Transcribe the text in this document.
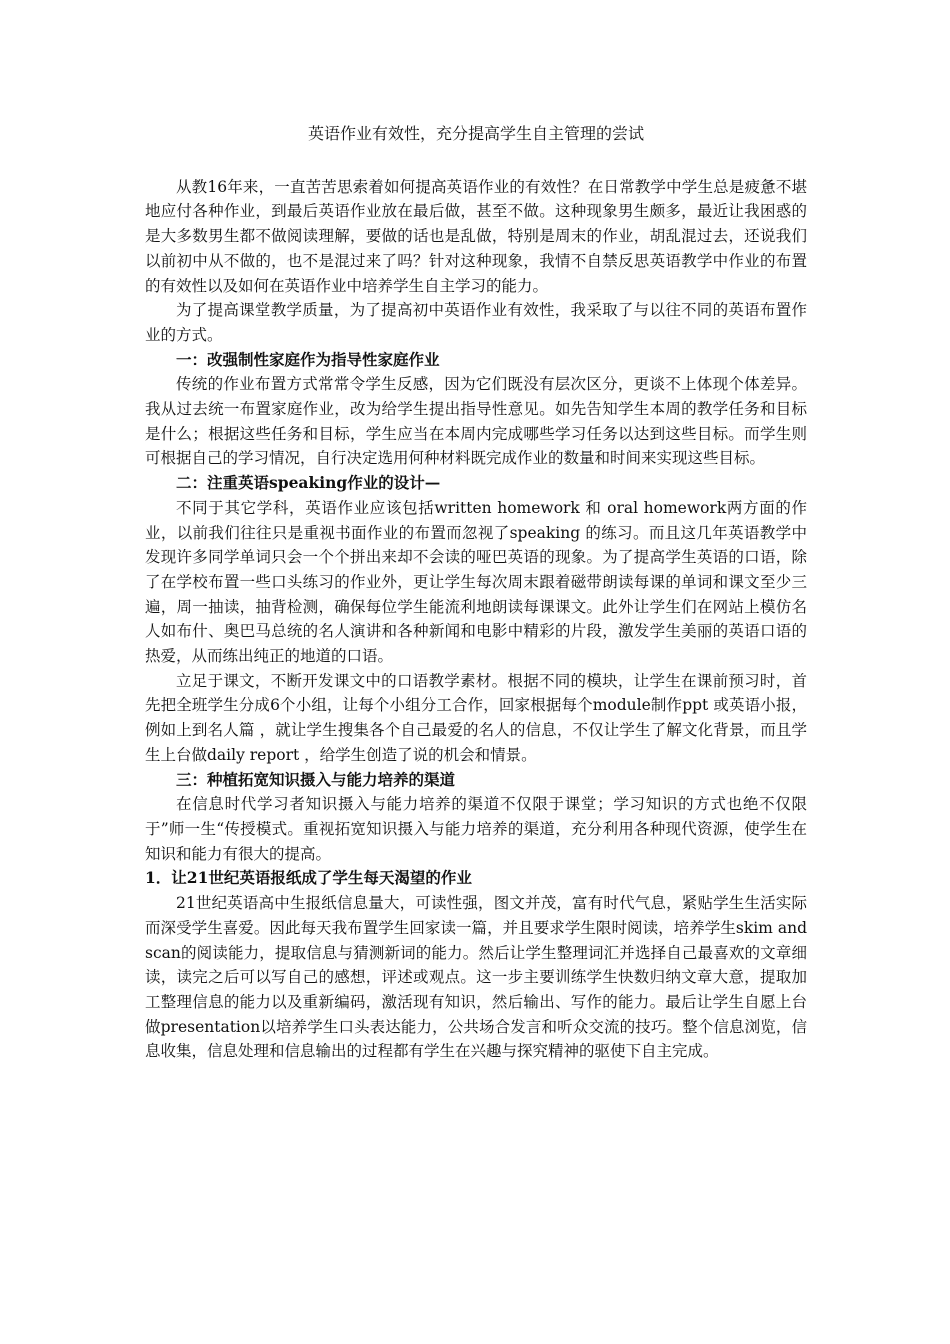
英语作业有效性，充分提高学生自主管理的尝试

从教16年来，一直苦苦思索着如何提高英语作业的有效性？在日常教学中学生总是疲惫不堪地应付各种作业，到最后英语作业放在最后做，甚至不做。这种现象男生颇多，最近让我困惑的是大多数男生都不做阅读理解，要做的话也是乱做，特别是周末的作业，胡乱混过去，还说我们以前初中从不做的，也不是混过来了吗？针对这种现象，我情不自禁反思英语教学中作业的布置的有效性以及如何在英语作业中培养学生自主学习的能力。

为了提高课堂教学质量，为了提高初中英语作业有效性，我采取了与以往不同的英语布置作业的方式。

一：改强制性家庭作为指导性家庭作业

传统的作业布置方式常常令学生反感，因为它们既没有层次区分，更谈不上体现个体差异。我从过去统一布置家庭作业，改为给学生提出指导性意见。如先告知学生本周的教学任务和目标是什么；根据这些任务和目标，学生应当在本周内完成哪些学习任务以达到这些目标。而学生则可根据自己的学习情况，自行决定选用何种材料既完成作业的数量和时间来实现这些目标。

二：注重英语speaking作业的设计—

不同于其它学科，英语作业应该包括written homework 和 oral homework两方面的作业，以前我们往往只是重视书面作业的布置而忽视了speaking 的练习。而且这几年英语教学中发现许多同学单词只会一个个拼出来却不会读的哑巴英语的现象。为了提高学生英语的口语，除了在学校布置一些口头练习的作业外，更让学生每次周末跟着磁带朗读每课的单词和课文至少三遍，周一抽读，抽背检测，确保每位学生能流利地朗读每课课文。此外让学生们在网站上模仿名人如布什、奥巴马总统的名人演讲和各种新闻和电影中精彩的片段，激发学生美丽的英语口语的热爱，从而练出纯正的地道的口语。

立足于课文，不断开发课文中的口语教学素材。根据不同的模块，让学生在课前预习时，首先把全班学生分成6个小组，让每个小组分工合作，回家根据每个module制作ppt 或英语小报，例如上到名人篇 ，就让学生搜集各个自己最爱的名人的信息，不仅让学生了解文化背景，而且学生上台做daily report ，给学生创造了说的机会和情景。

三：种植拓宽知识摄入与能力培养的渠道

在信息时代学习者知识摄入与能力培养的渠道不仅限于课堂；学习知识的方式也绝不仅限于”师一生“传授模式。重视拓宽知识摄入与能力培养的渠道，充分利用各种现代资源，使学生在知识和能力有很大的提高。

1．让21世纪英语报纸成了学生每天渴望的作业

21世纪英语高中生报纸信息量大，可读性强，图文并茂，富有时代气息，紧贴学生生活实际而深受学生喜爱。因此每天我布置学生回家读一篇，并且要求学生限时阅读，培养学生skim and scan的阅读能力，提取信息与猜测新词的能力。然后让学生整理词汇并选择自己最喜欢的文章细读，读完之后可以写自己的感想，评述或观点。这一步主要训练学生快数归纳文章大意，提取加工整理信息的能力以及重新编码，激活现有知识，然后输出、写作的能力。最后让学生自愿上台做presentation以培养学生口头表达能力，公共场合发言和听众交流的技巧。整个信息浏览，信息收集，信息处理和信息输出的过程都有学生在兴趣与探究精神的驱使下自主完成。
